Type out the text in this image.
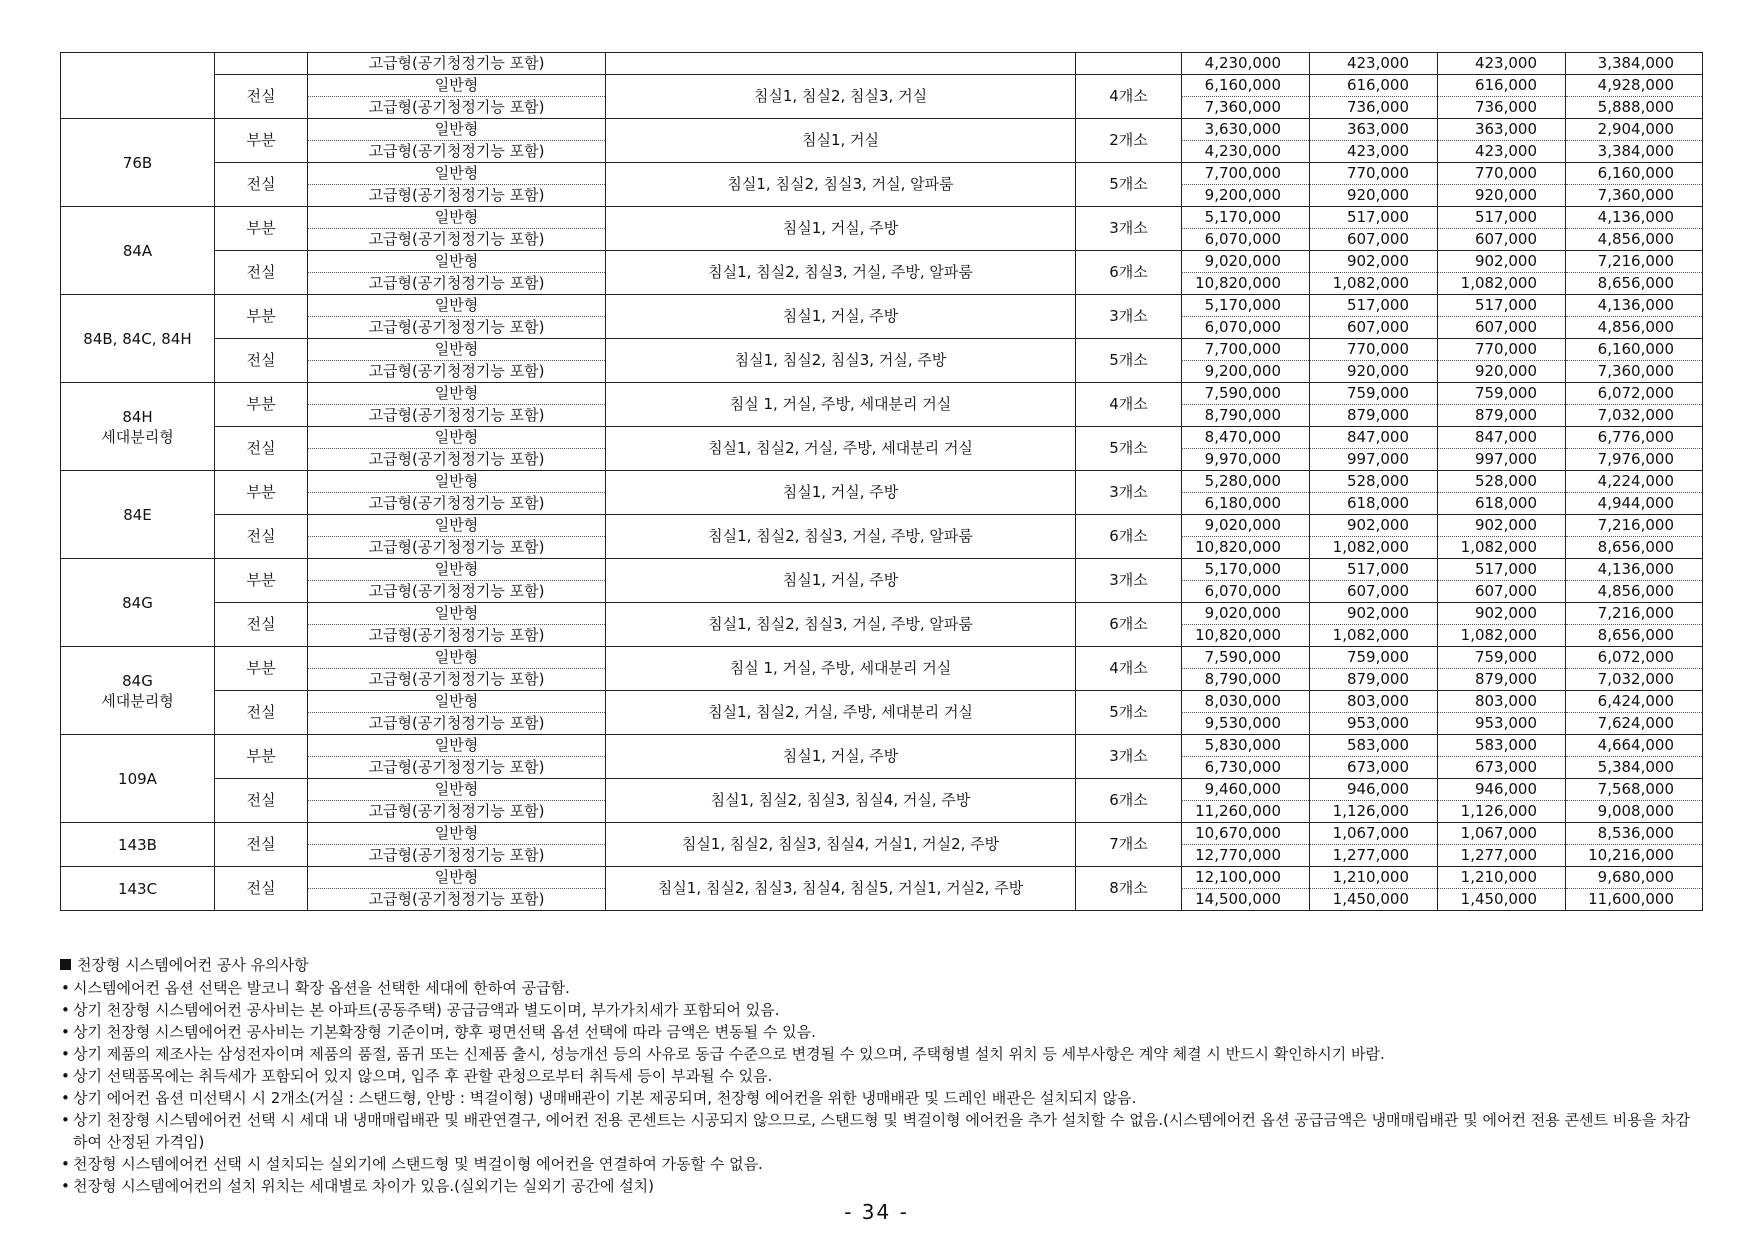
		고급형(공기청정기능 포함)			4,230,000	423,000	423,000	3,384,000
	전실	일반형	침실1, 침실2, 침실3, 거실	4개소	6,160,000	616,000	616,000	4,928,000
		고급형(공기청정기능 포함)			7,360,000	736,000	736,000	5,888,000
76B	부분	일반형	침실1, 거실	2개소	3,630,000	363,000	363,000	2,904,000
		고급형(공기청정기능 포함)			4,230,000	423,000	423,000	3,384,000
	전실	일반형	침실1, 침실2, 침실3, 거실, 알파룸	5개소	7,700,000	770,000	770,000	6,160,000
		고급형(공기청정기능 포함)			9,200,000	920,000	920,000	7,360,000
84A	부분	일반형	침실1, 거실, 주방	3개소	5,170,000	517,000	517,000	4,136,000
		고급형(공기청정기능 포함)			6,070,000	607,000	607,000	4,856,000
	전실	일반형	침실1, 침실2, 침실3, 거실, 주방, 알파룸	6개소	9,020,000	902,000	902,000	7,216,000
		고급형(공기청정기능 포함)			10,820,000	1,082,000	1,082,000	8,656,000
84B, 84C, 84H	부분	일반형	침실1, 거실, 주방	3개소	5,170,000	517,000	517,000	4,136,000
		고급형(공기청정기능 포함)			6,070,000	607,000	607,000	4,856,000
	전실	일반형	침실1, 침실2, 침실3, 거실, 주방	5개소	7,700,000	770,000	770,000	6,160,000
		고급형(공기청정기능 포함)			9,200,000	920,000	920,000	7,360,000
84H
세대분리형	부분	일반형	침실 1, 거실, 주방, 세대분리 거실	4개소	7,590,000	759,000	759,000	6,072,000
		고급형(공기청정기능 포함)			8,790,000	879,000	879,000	7,032,000
	전실	일반형	침실1, 침실2, 거실, 주방, 세대분리 거실	5개소	8,470,000	847,000	847,000	6,776,000
		고급형(공기청정기능 포함)			9,970,000	997,000	997,000	7,976,000
84E	부분	일반형	침실1, 거실, 주방	3개소	5,280,000	528,000	528,000	4,224,000
		고급형(공기청정기능 포함)			6,180,000	618,000	618,000	4,944,000
	전실	일반형	침실1, 침실2, 침실3, 거실, 주방, 알파룸	6개소	9,020,000	902,000	902,000	7,216,000
		고급형(공기청정기능 포함)			10,820,000	1,082,000	1,082,000	8,656,000
84G	부분	일반형	침실1, 거실, 주방	3개소	5,170,000	517,000	517,000	4,136,000
		고급형(공기청정기능 포함)			6,070,000	607,000	607,000	4,856,000
	전실	일반형	침실1, 침실2, 침실3, 거실, 주방, 알파룸	6개소	9,020,000	902,000	902,000	7,216,000
		고급형(공기청정기능 포함)			10,820,000	1,082,000	1,082,000	8,656,000
84G
세대분리형	부분	일반형	침실 1, 거실, 주방, 세대분리 거실	4개소	7,590,000	759,000	759,000	6,072,000
		고급형(공기청정기능 포함)			8,790,000	879,000	879,000	7,032,000
	전실	일반형	침실1, 침실2, 거실, 주방, 세대분리 거실	5개소	8,030,000	803,000	803,000	6,424,000
		고급형(공기청정기능 포함)			9,530,000	953,000	953,000	7,624,000
109A	부분	일반형	침실1, 거실, 주방	3개소	5,830,000	583,000	583,000	4,664,000
		고급형(공기청정기능 포함)			6,730,000	673,000	673,000	5,384,000
	전실	일반형	침실1, 침실2, 침실3, 침실4, 거실, 주방	6개소	9,460,000	946,000	946,000	7,568,000
		고급형(공기청정기능 포함)			11,260,000	1,126,000	1,126,000	9,008,000
143B	전실	일반형	침실1, 침실2, 침실3, 침실4, 거실1, 거실2, 주방	7개소	10,670,000	1,067,000	1,067,000	8,536,000
		고급형(공기청정기능 포함)			12,770,000	1,277,000	1,277,000	10,216,000
143C	전실	일반형	침실1, 침실2, 침실3, 침실4, 침실5, 거실1, 거실2, 주방	8개소	12,100,000	1,210,000	1,210,000	9,680,000
		고급형(공기청정기능 포함)			14,500,000	1,450,000	1,450,000	11,600,000
천장형 시스템에어컨 공사 유의사항
• 시스템에어컨 옵션 선택은 발코니 확장 옵션을 선택한 세대에 한하여 공급함.
• 상기 천장형 시스템에어컨 공사비는 본 아파트(공동주택) 공급금액과 별도이며, 부가가치세가 포함되어 있음.
• 상기 천장형 시스템에어컨 공사비는 기본확장형 기준이며, 향후 평면선택 옵션 선택에 따라 금액은 변동될 수 있음.
• 상기 제품의 제조사는 삼성전자이며 제품의 품절, 품귀 또는 신제품 출시, 성능개선 등의 사유로 동급 수준으로 변경될 수 있으며, 주택형별 설치 위치 등 세부사항은 계약 체결 시 반드시 확인하시기 바람.
• 상기 선택품목에는 취득세가 포함되어 있지 않으며, 입주 후 관할 관청으로부터 취득세 등이 부과될 수 있음.
• 상기 에어컨 옵션 미선택시 시 2개소(거실 : 스탠드형, 안방 : 벽걸이형) 냉매배관이 기본 제공되며, 천장형 에어컨을 위한 냉매배관 및 드레인 배관은 설치되지 않음.
• 상기 천장형 시스템에어컨 선택 시 세대 내 냉매매립배관 및 배관연결구, 에어컨 전용 콘센트는 시공되지 않으므로, 스탠드형 및 벽걸이형 에어컨을 추가 설치할 수 없음.(시스템에어컨 옵션 공급금액은 냉매매립배관 및 에어컨 전용 콘센트 비용을 차감하여 산정된 가격임)
• 천장형 시스템에어컨 선택 시 설치되는 실외기에 스탠드형 및 벽걸이형 에어컨을 연결하여 가동할 수 없음.
• 천장형 시스템에어컨의 설치 위치는 세대별로 차이가 있음.(실외기는 실외기 공간에 설치)
- 34 -
